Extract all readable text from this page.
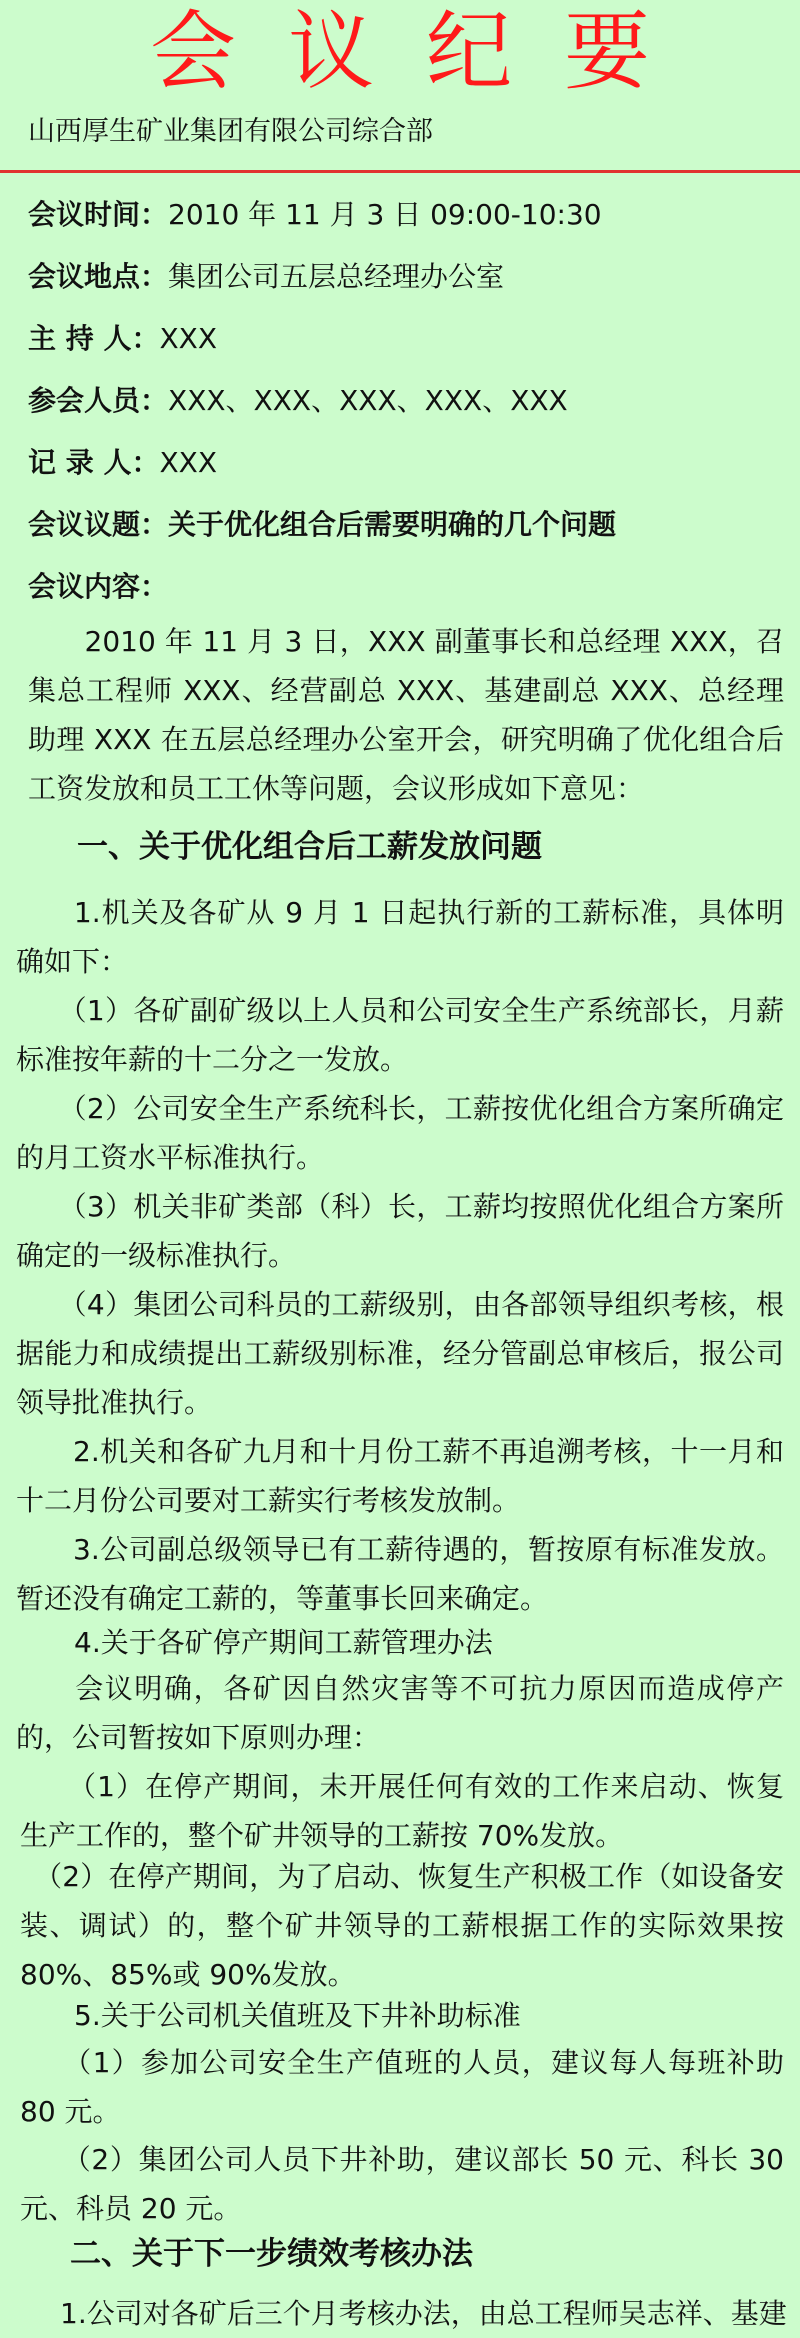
会议纪要
山西厚生矿业集团有限公司综合部
会议时间：2010 年 11 月 3 日 09:00-10:30
会议地点：集团公司五层总经理办公室
主 持 人：XXX
参会人员：XXX、XXX、XXX、XXX、XXX
记 录 人：XXX
会议议题：关于优化组合后需要明确的几个问题
会议内容：
　　2010 年 11 月 3 日，XXX 副董事长和总经理 XXX，召集总工程师 XXX、经营副总 XXX、基建副总 XXX、总经理助理 XXX 在五层总经理办公室开会，研究明确了优化组合后工资发放和员工工休等问题，会议形成如下意见：
一、关于优化组合后工薪发放问题
　　1.机关及各矿从 9 月 1 日起执行新的工薪标准，具体明确如下：
　　（1）各矿副矿级以上人员和公司安全生产系统部长，月薪标准按年薪的十二分之一发放。
　　（2）公司安全生产系统科长，工薪按优化组合方案所确定的月工资水平标准执行。
　　（3）机关非矿类部（科）长，工薪均按照优化组合方案所确定的一级标准执行。
　　（4）集团公司科员的工薪级别，由各部领导组织考核，根据能力和成绩提出工薪级别标准，经分管副总审核后，报公司领导批准执行。
　　2.机关和各矿九月和十月份工薪不再追溯考核，十一月和十二月份公司要对工薪实行考核发放制。
　　3.公司副总级领导已有工薪待遇的，暂按原有标准发放。暂还没有确定工薪的，等董事长回来确定。
4.关于各矿停产期间工薪管理办法
　　会议明确，各矿因自然灾害等不可抗力原因而造成停产的，公司暂按如下原则办理：
（1）在停产期间，未开展任何有效的工作来启动、恢复生产工作的，整个矿井领导的工薪按 70%发放。
　（2）在停产期间，为了启动、恢复生产积极工作（如设备安装、调试）的，整个矿井领导的工薪根据工作的实际效果按 80%、85%或 90%发放。
5.关于公司机关值班及下井补助标准
　（1）参加公司安全生产值班的人员，建议每人每班补助 80 元。
　（2）集团公司人员下井补助，建议部长 50 元、科长 30 元、科员 20 元。
二、关于下一步绩效考核办法
1.公司对各矿后三个月考核办法，由总工程师吴志祥、基建
